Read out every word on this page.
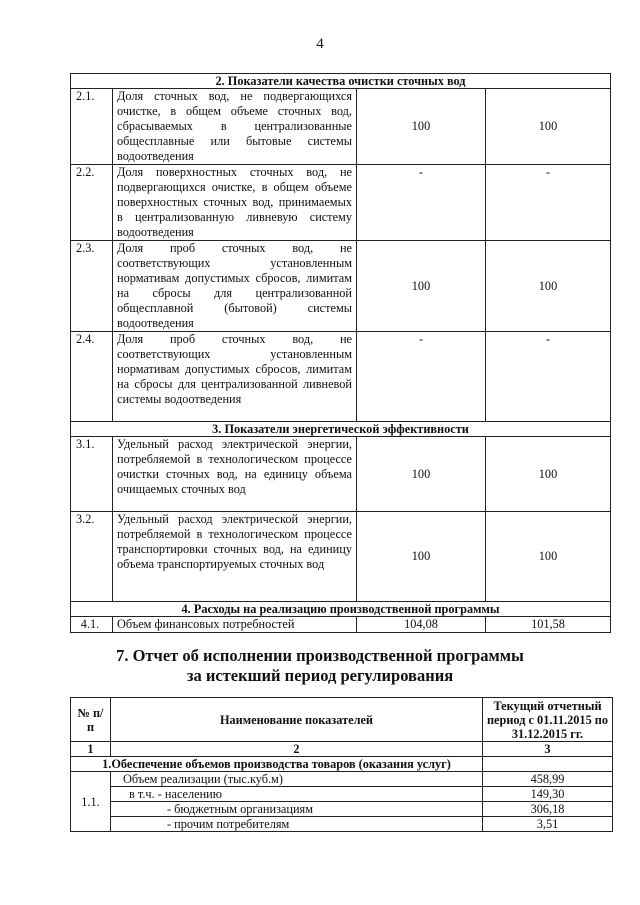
4
2. Показатели качества очистки сточных вод			
2.1.	Доля сточных вод, не подвергающихся очистке, в общем объеме сточных вод, сбрасываемых в централизованные общесплавные или бытовые системы водоотведения	100	100
2.2.	Доля поверхностных сточных вод, не подвергающихся очистке, в общем объеме поверхностных сточных вод, принимаемых в централизованную ливневую систему водоотведения	-	-
2.3.	Доля проб сточных вод, не соответствующих установленным нормативам допустимых сбросов, лимитам на сбросы для централизованной общесплавной (бытовой) системы водоотведения	100	100
2.4.	Доля проб сточных вод, не соответствующих установленным нормативам допустимых сбросов, лимитам на сбросы для централизованной ливневой системы водоотведения	-	-
3. Показатели энергетической эффективности			
3.1.	Удельный расход электрической энергии, потребляемой в технологическом процессе очистки сточных вод, на единицу объема очищаемых сточных вод	100	100
3.2.	Удельный расход электрической энергии, потребляемой в технологическом процессе транспортировки сточных вод, на единицу объема транспортируемых сточных вод	100	100
4. Расходы на реализацию производственной программы			
4.1.	Объем финансовых потребностей	104,08	101,58
7. Отчет об исполнении производственной программы
за истекший период регулирования
№ п/п	Наименование показателей	Текущий отчетный период с 01.11.2015 по 31.12.2015 гг.
1	2	3
1.Обеспечение объемов производства товаров (оказания услуг)		
1.1.	Объем реализации (тыс.куб.м)	458,99
	в т.ч. - населению	149,30
	- бюджетным организациям	306,18
	- прочим потребителям	3,51
